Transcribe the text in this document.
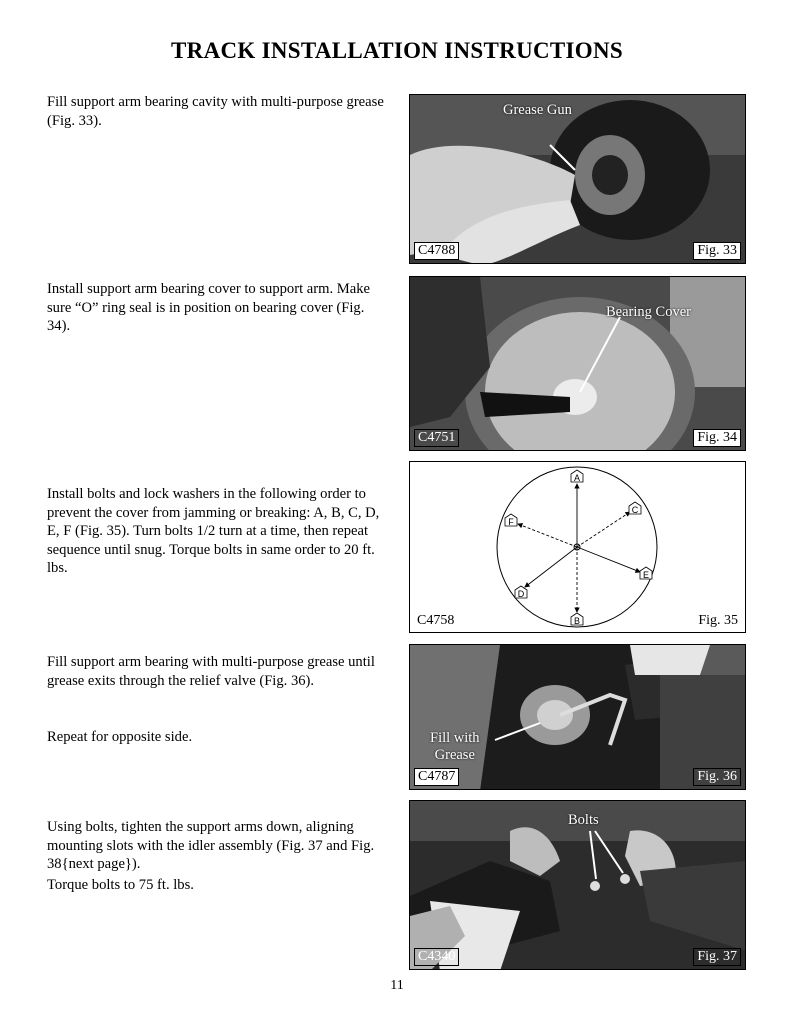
TRACK INSTALLATION INSTRUCTIONS
Fill support arm bearing cavity with multi-purpose grease (Fig. 33).
Install support arm bearing cover to support arm. Make sure “O” ring seal is in position on bearing cover (Fig. 34).
Install bolts and lock washers in the following order to prevent the cover from jamming or breaking: A, B, C, D, E, F (Fig. 35). Turn bolts 1/2 turn at a time, then repeat sequence until snug. Torque bolts in same order to 20 ft. lbs.
Fill support arm bearing with multi-purpose grease until grease exits through the relief valve (Fig. 36).
Repeat for opposite side.
Using bolts, tighten the support arms down, aligning mounting slots with the idler assembly (Fig. 37 and Fig. 38{next page}).
Torque bolts to 75 ft. lbs.
Grease Gun
C4788	Fig. 33
Bearing Cover
C4751	Fig. 34
A
B
C
D
E
F
C4758	Fig. 35
Fill with
Grease
C4787	Fig. 36
Bolts
C4340	Fig. 37
11
